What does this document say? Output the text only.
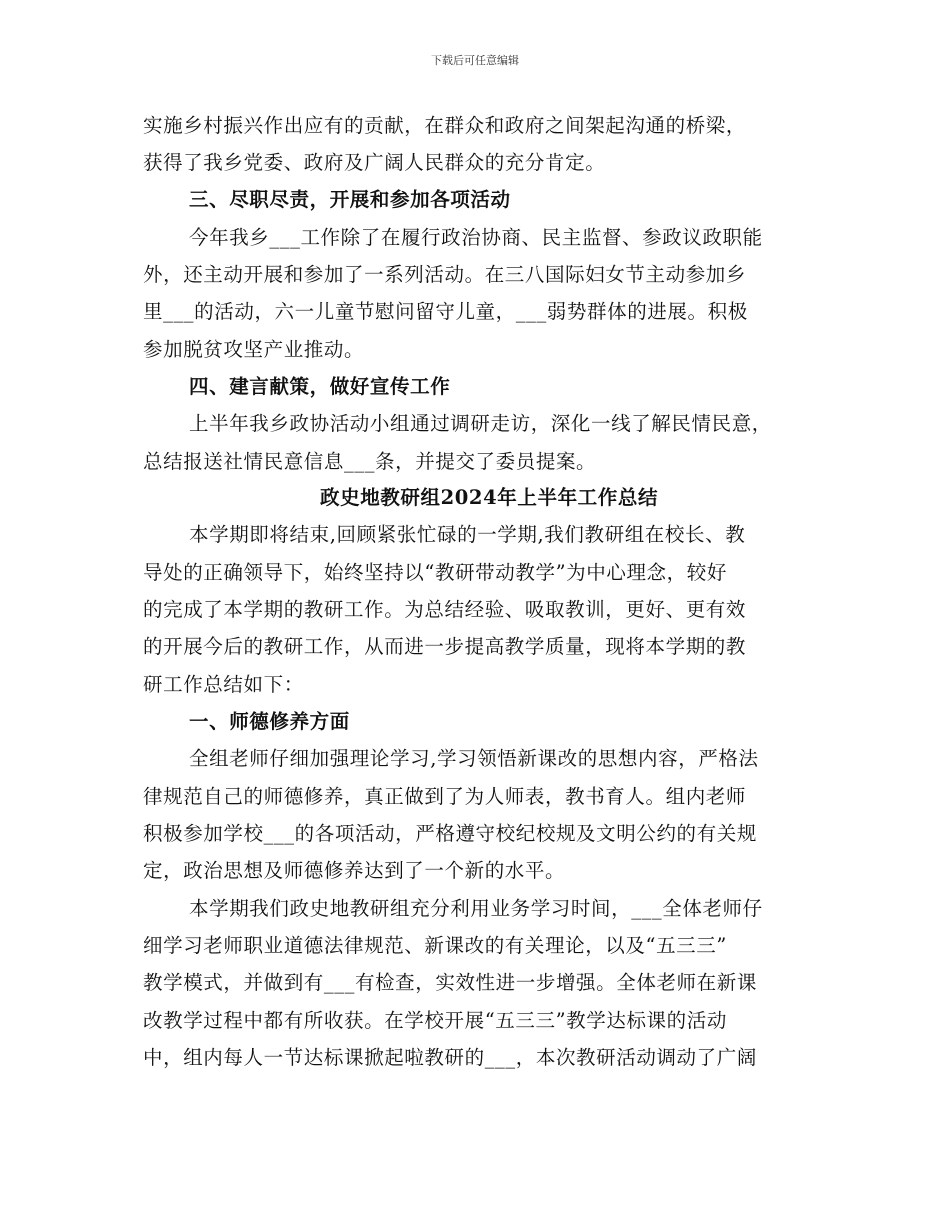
下载后可任意编辑
实施乡村振兴作出应有的贡献，在群众和政府之间架起沟通的桥梁，
获得了我乡党委、政府及广阔人民群众的充分肯定。
三、尽职尽责，开展和参加各项活动
今年我乡___工作除了在履行政治协商、民主监督、参政议政职能
外，还主动开展和参加了一系列活动。在三八国际妇女节主动参加乡
里___的活动，六一儿童节慰问留守儿童，___弱势群体的进展。积极
参加脱贫攻坚产业推动。
四、建言献策，做好宣传工作
上半年我乡政协活动小组通过调研走访，深化一线了解民情民意，
总结报送社情民意信息___条，并提交了委员提案。
政史地教研组2024年上半年工作总结
本学期即将结束,回顾紧张忙碌的一学期,我们教研组在校长、教
导处的正确领导下，始终坚持以“教研带动教学”为中心理念，较好
的完成了本学期的教研工作。为总结经验、吸取教训，更好、更有效
的开展今后的教研工作，从而进一步提高教学质量，现将本学期的教
研工作总结如下：
一、师德修养方面
全组老师仔细加强理论学习,学习领悟新课改的思想内容，严格法
律规范自己的师德修养，真正做到了为人师表，教书育人。组内老师
积极参加学校___的各项活动，严格遵守校纪校规及文明公约的有关规
定，政治思想及师德修养达到了一个新的水平。
本学期我们政史地教研组充分利用业务学习时间，___全体老师仔
细学习老师职业道德法律规范、新课改的有关理论，以及“五三三”
教学模式，并做到有___有检查，实效性进一步增强。全体老师在新课
改教学过程中都有所收获。在学校开展“五三三”教学达标课的活动
中，组内每人一节达标课掀起啦教研的___，本次教研活动调动了广阔
